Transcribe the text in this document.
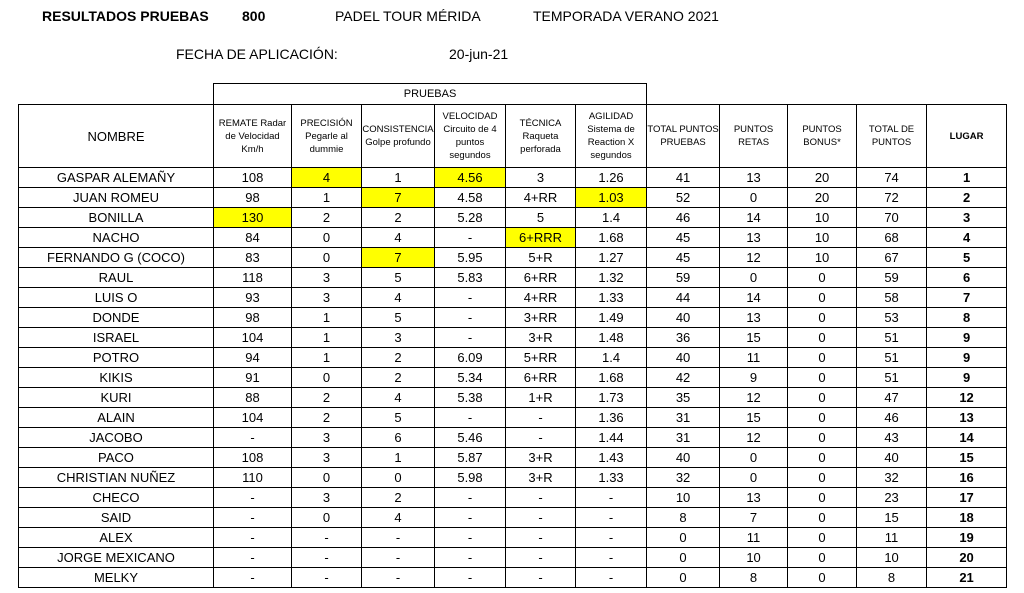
RESULTADOS PRUEBAS 800	PADEL TOUR MÉRIDA	TEMPORADA VERANO 2021
FECHA DE APLICACIÓN:	20-jun-21
	PRUEBAS										
NOMBRE	REMATE Radar de Velocidad Km/h	PRECISIÓN Pegarle al dummie	CONSISTENCIA Golpe profundo	VELOCIDAD Circuito de 4 puntos segundos	TÉCNICA Raqueta perforada	AGILIDAD Sistema de Reaction X segundos	TOTAL PUNTOS PRUEBAS	PUNTOS RETAS	PUNTOS BONUS*	TOTAL DE PUNTOS	LUGAR
GASPAR ALEMAÑY	108	4	1	4.56	3	1.26	41	13	20	74	1
JUAN ROMEU	98	1	7	4.58	4+RR	1.03	52	0	20	72	2
BONILLA	130	2	2	5.28	5	1.4	46	14	10	70	3
NACHO	84	0	4	-	6+RRR	1.68	45	13	10	68	4
FERNANDO G (COCO)	83	0	7	5.95	5+R	1.27	45	12	10	67	5
RAUL	118	3	5	5.83	6+RR	1.32	59	0	0	59	6
LUIS O	93	3	4	-	4+RR	1.33	44	14	0	58	7
DONDE	98	1	5	-	3+RR	1.49	40	13	0	53	8
ISRAEL	104	1	3	-	3+R	1.48	36	15	0	51	9
POTRO	94	1	2	6.09	5+RR	1.4	40	11	0	51	9
KIKIS	91	0	2	5.34	6+RR	1.68	42	9	0	51	9
KURI	88	2	4	5.38	1+R	1.73	35	12	0	47	12
ALAIN	104	2	5	-	-	1.36	31	15	0	46	13
JACOBO	-	3	6	5.46	-	1.44	31	12	0	43	14
PACO	108	3	1	5.87	3+R	1.43	40	0	0	40	15
CHRISTIAN NUÑEZ	110	0	0	5.98	3+R	1.33	32	0	0	32	16
CHECO	-	3	2	-	-	-	10	13	0	23	17
SAID	-	0	4	-	-	-	8	7	0	15	18
ALEX	-	-	-	-	-	-	0	11	0	11	19
JORGE MEXICANO	-	-	-	-	-	-	0	10	0	10	20
MELKY	-	-	-	-	-	-	0	8	0	8	21
